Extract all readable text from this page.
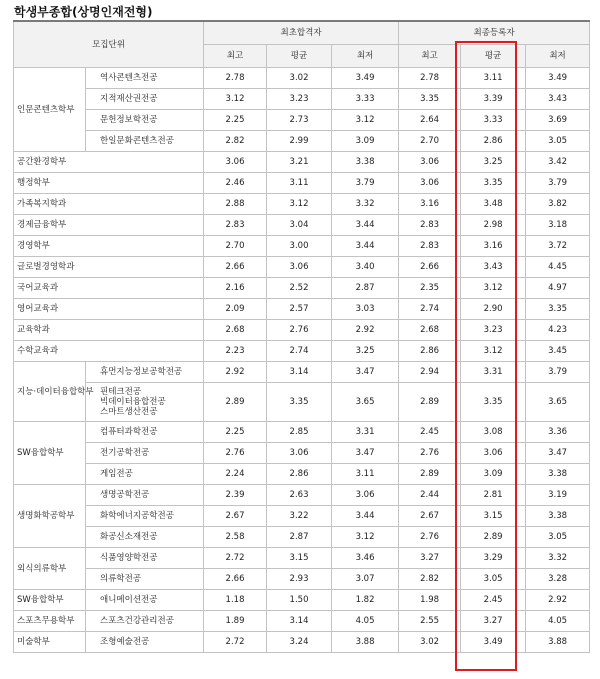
학생부종합(상명인재전형)
모집단위		최초합격자			최종등록자		
		최고	평균	최저	최고	평균	최저
인문콘텐츠학부	역사콘텐츠전공	2.78	3.02	3.49	2.78	3.11	3.49

	지적재산권전공	3.12	3.23	3.33	3.35	3.39	3.43

	문헌정보학전공	2.25	2.73	3.12	2.64	3.33	3.69

	한일문화콘텐츠전공	2.82	2.99	3.09	2.70	2.86	3.05
공간환경학부		3.06	3.21	3.38	3.06	3.25	3.42
행정학부		2.46	3.11	3.79	3.06	3.35	3.79
가족복지학과		2.88	3.12	3.32	3.16	3.48	3.82
경제금융학부		2.83	3.04	3.44	2.83	2.98	3.18
경영학부		2.70	3.00	3.44	2.83	3.16	3.72
글로벌경영학과		2.66	3.06	3.40	2.66	3.43	4.45
국어교육과		2.16	2.52	2.87	2.35	3.12	4.97
영어교육과		2.09	2.57	3.03	2.74	2.90	3.35
교육학과		2.68	2.76	2.92	2.68	3.23	4.23
수학교육과		2.23	2.74	3.25	2.86	3.12	3.45
지능·데이터융합학부	휴먼지능정보공학전공	2.92	3.14	3.47	2.94	3.31	3.79

	핀테크전공
빅데이터융합전공
스마트생산전공	2.89	3.35	3.65	2.89	3.35	3.65
SW융합학부	컴퓨터과학전공	2.25	2.85	3.31	2.45	3.08	3.36

	전기공학전공	2.76	3.06	3.47	2.76	3.06	3.47

	게임전공	2.24	2.86	3.11	2.89	3.09	3.38
생명화학공학부	생명공학전공	2.39	2.63	3.06	2.44	2.81	3.19

	화학에너지공학전공	2.67	3.22	3.44	2.67	3.15	3.38

	화공신소재전공	2.58	2.87	3.12	2.76	2.89	3.05
외식의류학부	식품영양학전공	2.72	3.15	3.46	3.27	3.29	3.32

	의류학전공	2.66	2.93	3.07	2.82	3.05	3.28
SW융합학부	애니메이션전공	1.18	1.50	1.82	1.98	2.45	2.92
스포츠무용학부	스포츠건강관리전공	1.89	3.14	4.05	2.55	3.27	4.05
미술학부	조형예술전공	2.72	3.24	3.88	3.02	3.49	3.88
